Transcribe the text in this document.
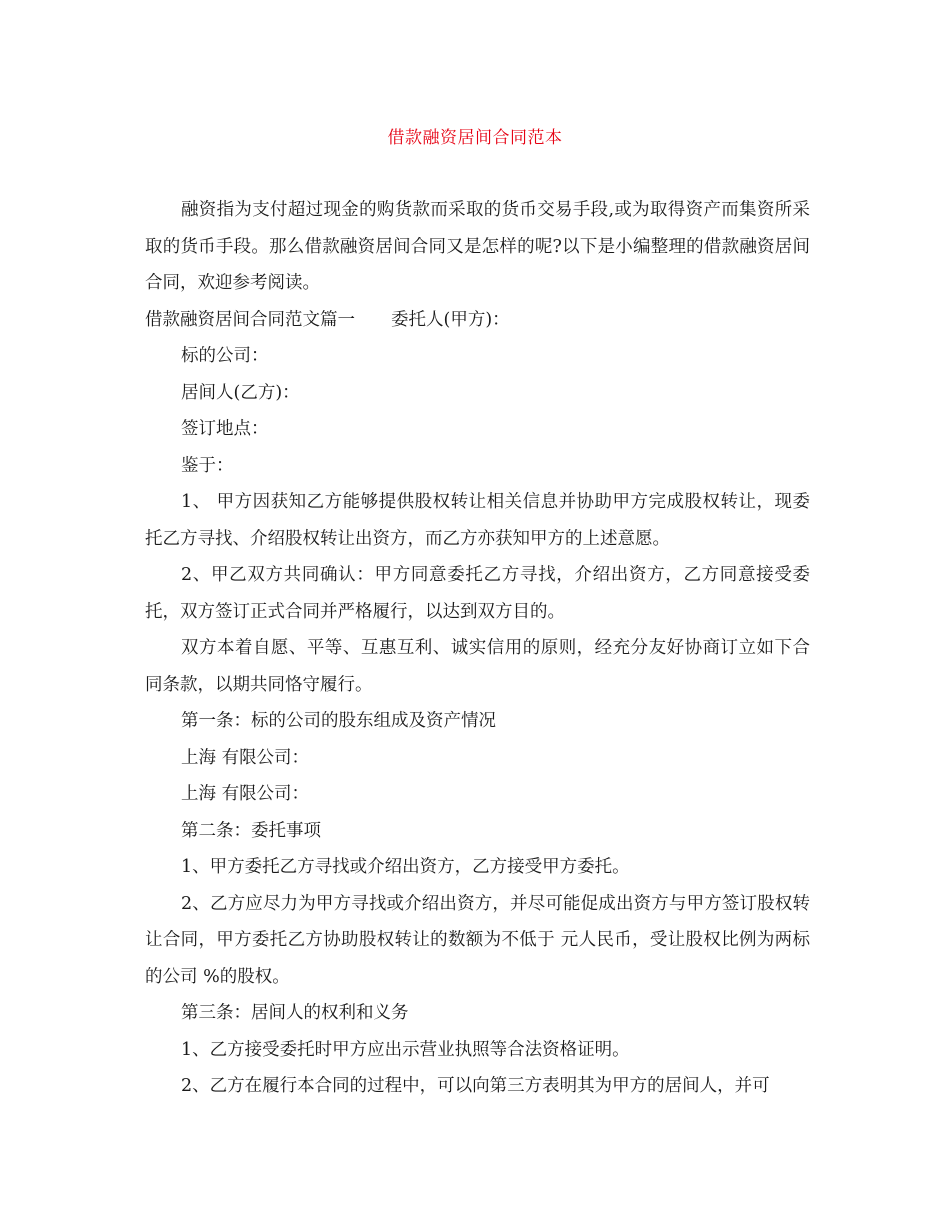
借款融资居间合同范本

融资指为支付超过现金的购货款而采取的货币交易手段,或为取得资产而集资所采取的货币手段。那么借款融资居间合同又是怎样的呢?以下是小编整理的借款融资居间合同，欢迎参考阅读。

借款融资居间合同范文篇一 委托人(甲方)：

标的公司：

居间人(乙方)：

签订地点：

鉴于：

1、 甲方因获知乙方能够提供股权转让相关信息并协助甲方完成股权转让，现委托乙方寻找、介绍股权转让出资方，而乙方亦获知甲方的上述意愿。

2、甲乙双方共同确认：甲方同意委托乙方寻找，介绍出资方，乙方同意接受委托，双方签订正式合同并严格履行，以达到双方目的。

双方本着自愿、平等、互惠互利、诚实信用的原则，经充分友好协商订立如下合同条款，以期共同恪守履行。

第一条：标的公司的股东组成及资产情况

上海 有限公司：

上海 有限公司：

第二条：委托事项

1、甲方委托乙方寻找或介绍出资方，乙方接受甲方委托。

2、乙方应尽力为甲方寻找或介绍出资方，并尽可能促成出资方与甲方签订股权转让合同，甲方委托乙方协助股权转让的数额为不低于 元人民币，受让股权比例为两标的公司 %的股权。

第三条：居间人的权利和义务

1、乙方接受委托时甲方应出示营业执照等合法资格证明。

2、乙方在履行本合同的过程中，可以向第三方表明其为甲方的居间人，并可
